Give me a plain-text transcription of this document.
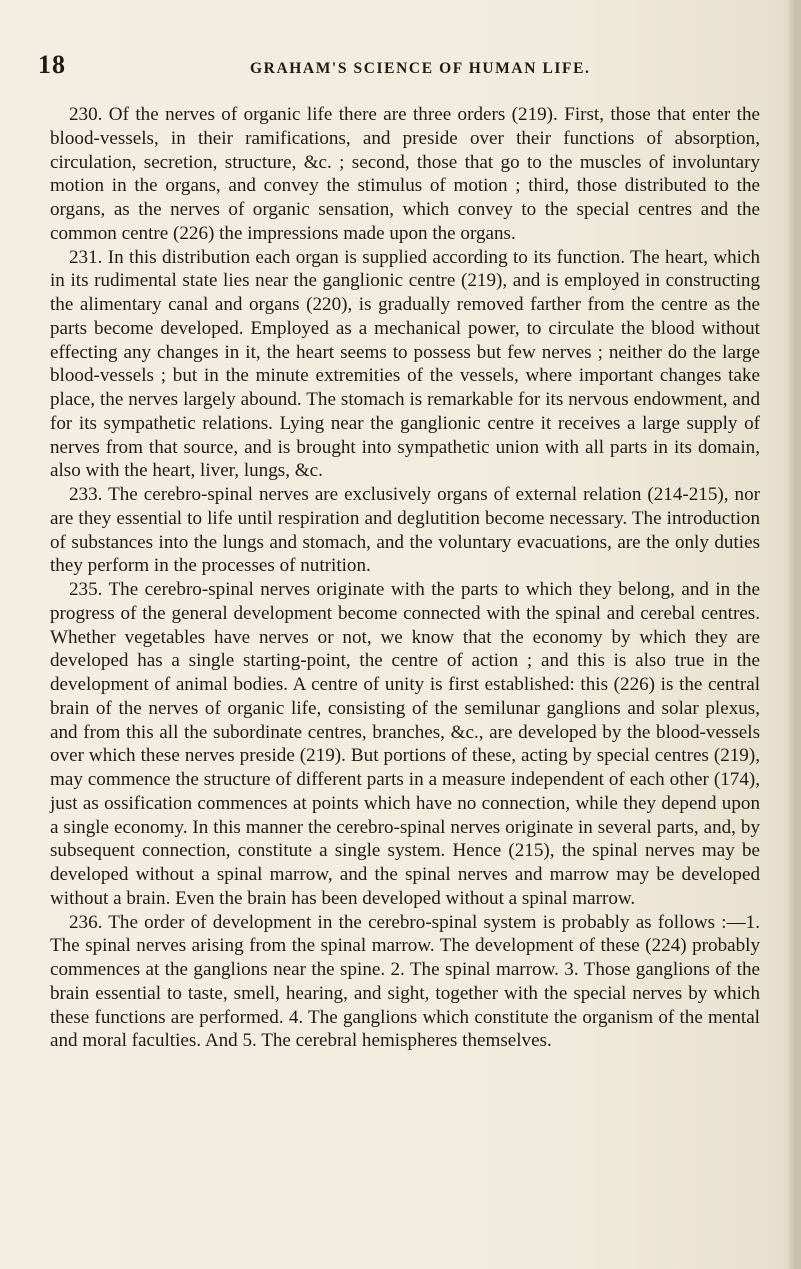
18	GRAHAM'S SCIENCE OF HUMAN LIFE.

230. Of the nerves of organic life there are three orders (219). First, those that enter the blood-vessels, in their ramifications, and preside over their functions of absorption, circulation, secretion, structure, &c. ; second, those that go to the muscles of involuntary motion in the organs, and convey the stimulus of motion ; third, those distributed to the organs, as the nerves of organic sensation, which convey to the special centres and the common centre (226) the impressions made upon the organs.

231. In this distribution each organ is supplied according to its function. The heart, which in its rudimental state lies near the ganglionic centre (219), and is employed in constructing the alimentary canal and organs (220), is gradually removed farther from the centre as the parts become developed. Employed as a mechanical power, to circulate the blood without effecting any changes in it, the heart seems to possess but few nerves ; neither do the large blood-vessels ; but in the minute extremities of the vessels, where important changes take place, the nerves largely abound. The stomach is remarkable for its nervous endowment, and for its sympathetic relations. Lying near the ganglionic centre it receives a large supply of nerves from that source, and is brought into sympathetic union with all parts in its domain, also with the heart, liver, lungs, &c.

233. The cerebro-spinal nerves are exclusively organs of external relation (214-215), nor are they essential to life until respiration and deglutition become necessary. The introduction of substances into the lungs and stomach, and the voluntary evacuations, are the only duties they perform in the processes of nutrition.

235. The cerebro-spinal nerves originate with the parts to which they belong, and in the progress of the general development become connected with the spinal and cerebal centres. Whether vegetables have nerves or not, we know that the economy by which they are developed has a single starting-point, the centre of action ; and this is also true in the development of animal bodies. A centre of unity is first established: this (226) is the central brain of the nerves of organic life, consisting of the semilunar ganglions and solar plexus, and from this all the subordinate centres, branches, &c., are developed by the blood-vessels over which these nerves preside (219). But portions of these, acting by special centres (219), may commence the structure of different parts in a measure independent of each other (174), just as ossification commences at points which have no connection, while they depend upon a single economy. In this manner the cerebro-spinal nerves originate in several parts, and, by subsequent connection, constitute a single system. Hence (215), the spinal nerves may be developed without a spinal marrow, and the spinal nerves and marrow may be developed without a brain. Even the brain has been developed without a spinal marrow.

236. The order of development in the cerebro-spinal system is probably as follows :—1. The spinal nerves arising from the spinal marrow. The development of these (224) probably commences at the ganglions near the spine. 2. The spinal marrow. 3. Those ganglions of the brain essential to taste, smell, hearing, and sight, together with the special nerves by which these functions are performed. 4. The ganglions which constitute the organism of the mental and moral faculties. And 5. The cerebral hemispheres themselves.
